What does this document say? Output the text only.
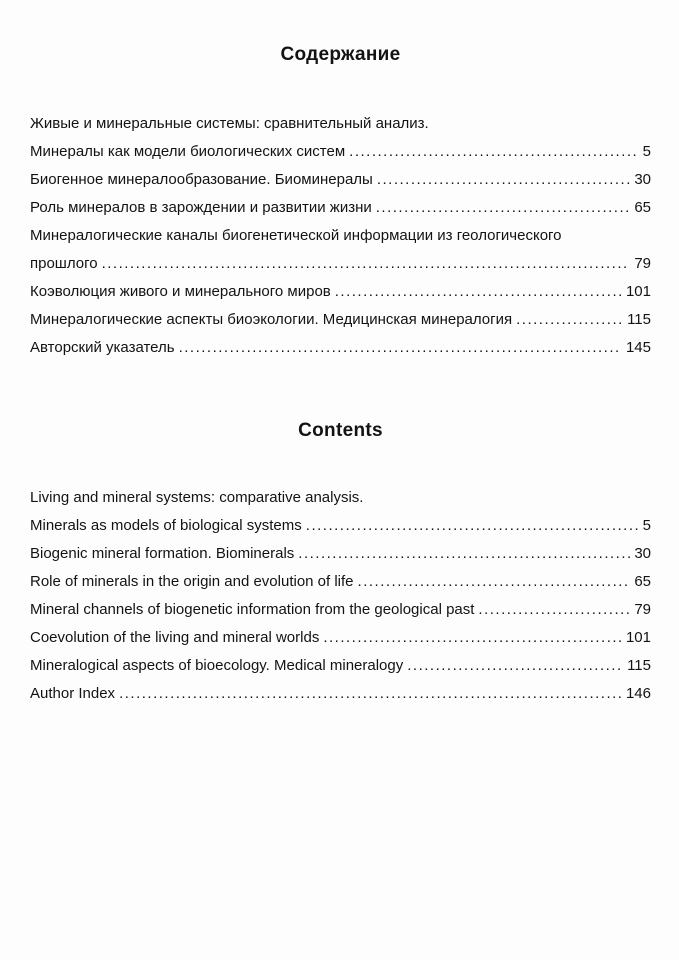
Содержание
Живые и минеральные системы: сравнительный анализ.
Минералы как модели биологических систем .....	5
Биогенное минералообразование. Биоминералы .....	30
Роль минералов в зарождении и развитии жизни .....	65
Минералогические каналы биогенетической информации из геологического
прошлого .....	79
Коэволюция живого и минерального миров .....	101
Минералогические аспекты биоэкологии. Медицинская минералогия .....	115
Авторский указатель .....	145
Contents
Living and mineral systems: comparative analysis.
Minerals as models of biological systems .....	5
Biogenic mineral formation. Biominerals .....	30
Role of minerals in the origin and evolution of life .....	65
Mineral channels of biogenetic information from the geological past .....	79
Coevolution of the living and mineral worlds .....	101
Mineralogical aspects of bioecology. Medical mineralogy .....	115
Author Index .....	146
